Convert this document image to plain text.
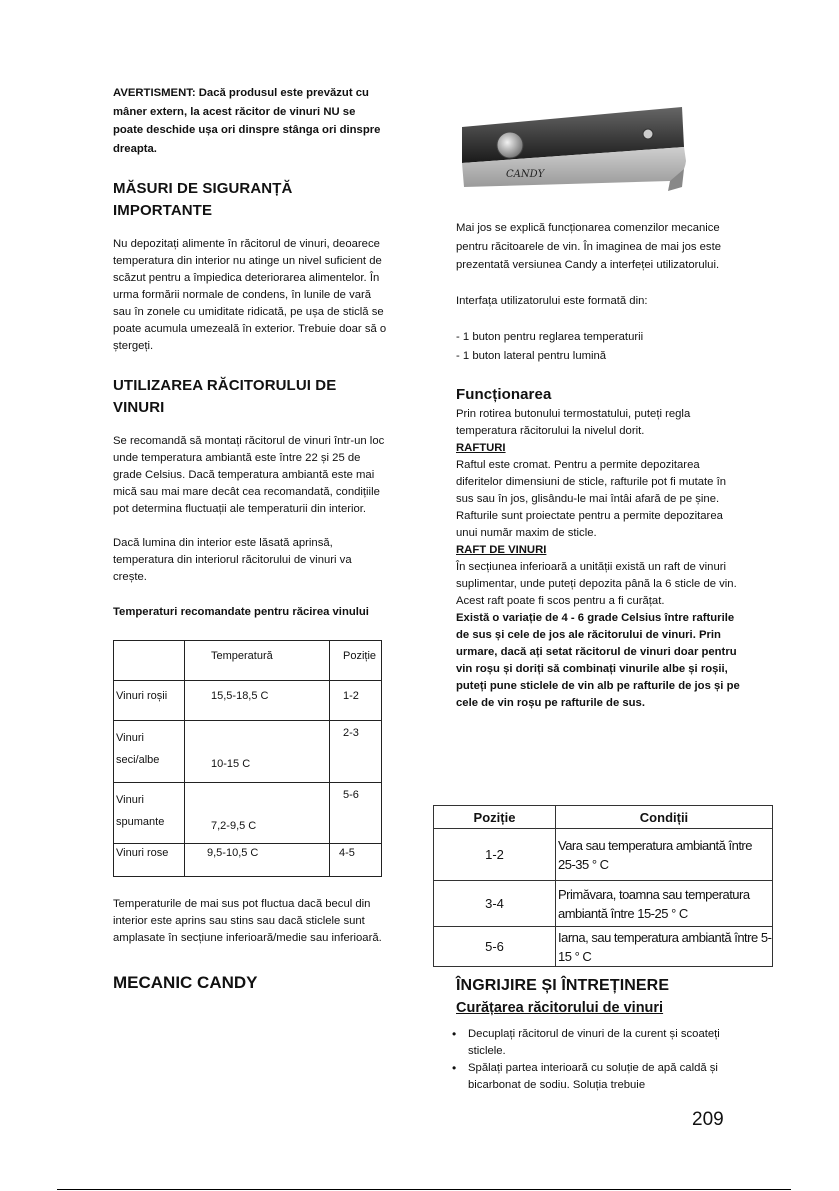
AVERTISMENT: Dacă produsul este prevăzut cu mâner extern, la acest răcitor de vinuri NU se poate deschide ușa ori dinspre stânga ori dinspre dreapta.

MĂSURI DE SIGURANȚĂ IMPORTANTE

Nu depozitați alimente în răcitorul de vinuri, deoarece temperatura din interior nu atinge un nivel suficient de scăzut pentru a împiedica deteriorarea alimentelor. În urma formării normale de condens, în lunile de vară sau în zonele cu umiditate ridicată, pe ușa de sticlă se poate acumula umezeală în exterior. Trebuie doar să o ștergeți.

UTILIZAREA RĂCITORULUI DE VINURI

Se recomandă să montați răcitorul de vinuri într-un loc unde temperatura ambiantă este între 22 și 25 de grade Celsius. Dacă temperatura ambiantă este mai mică sau mai mare decât cea recomandată, condițiile pot determina fluctuații ale temperaturii din interior.

Dacă lumina din interior este lăsată aprinsă, temperatura din interiorul răcitorului de vinuri va crește.

Temperaturi recomandate pentru răcirea vinului

	Temperatură	Poziție
Vinuri roșii	15,5-18,5 C	1-2
Vinuri seci/albe	10-15 C	2-3
Vinuri spumante	7,2-9,5 C	5-6
Vinuri rose	9,5-10,5 C	4-5

Temperaturile de mai sus pot fluctua dacă becul din interior este aprins sau stins sau dacă sticlele sunt amplasate în secțiune inferioară/medie sau inferioară.

MECANIC CANDY
CANDY

Mai jos se explică funcționarea comenzilor mecanice pentru răcitoarele de vin. În imaginea de mai jos este prezentată versiunea Candy a interfeței utilizatorului.

Interfața utilizatorului este formată din:

- 1 buton pentru reglarea temperaturii

- 1 buton lateral pentru lumină

Funcționarea

Prin rotirea butonului termostatului, puteți regla temperatura răcitorului la nivelul dorit.

RAFTURI

Raftul este cromat. Pentru a permite depozitarea diferitelor dimensiuni de sticle, rafturile pot fi mutate în sus sau în jos, glisându-le mai întâi afară de pe șine. Rafturile sunt proiectate pentru a permite depozitarea unui număr maxim de sticle.

RAFT DE VINURI

În secțiunea inferioară a unității există un raft de vinuri suplimentar, unde puteți depozita până la 6 sticle de vin. Acest raft poate fi scos pentru a fi curățat.

Există o variație de 4 - 6 grade Celsius între rafturile de sus și cele de jos ale răcitorului de vinuri. Prin urmare, dacă ați setat răcitorul de vinuri doar pentru vin roșu și doriți să combinați vinurile albe și roșii, puteți pune sticlele de vin alb pe rafturile de jos și pe cele de vin roșu pe rafturile de sus.

Poziție	Condiții
1-2	Vara sau temperatura ambiantă între 25-35 ° C
3-4	Primăvara, toamna sau temperatura ambiantă între 15-25 ° C
5-6	Iarna, sau temperatura ambiantă între 5-15 ° C
ÎNGRIJIRE ȘI ÎNTREȚINERE

Curățarea răcitorului de vinuri

• Decuplați răcitorul de vinuri de la curent și scoateți sticlele.
• Spălați partea interioară cu soluție de apă caldă și bicarbonat de sodiu. Soluția trebuie
209
